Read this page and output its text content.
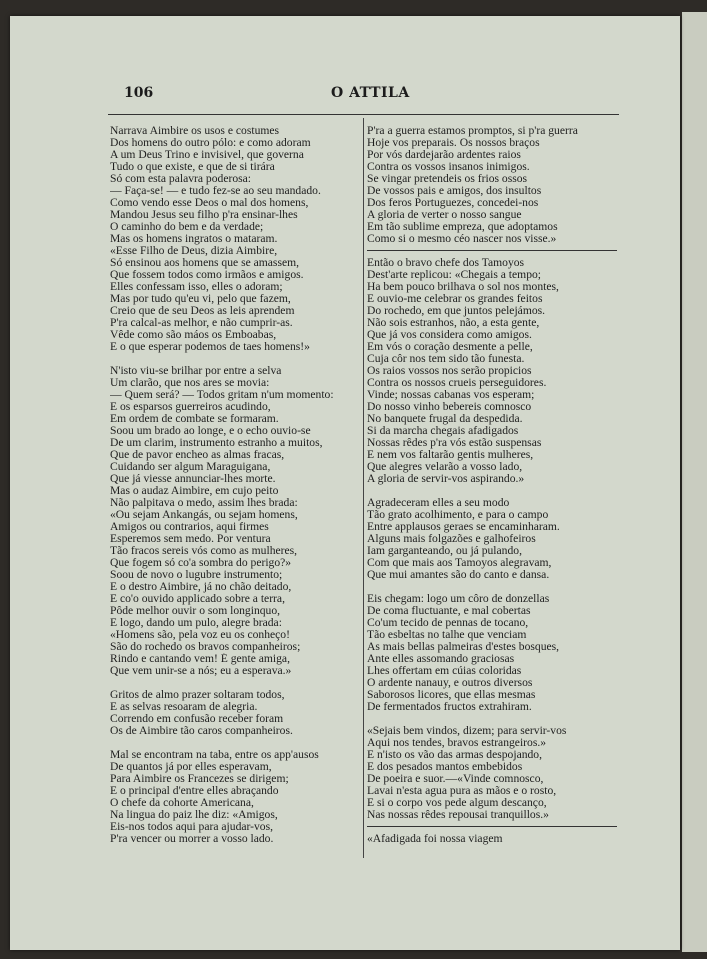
106	O ATTILA
Narrava Aimbire os usos e costumes
Dos homens do outro pólo: e como adoram
A um Deus Trino e invisivel, que governa
Tudo o que existe, e que de si tirára
Só com esta palavra poderosa:
— Faça-se! — e tudo fez-se ao seu mandado.
Como vendo esse Deos o mal dos homens,
Mandou Jesus seu filho p'ra ensinar-lhes
O caminho do bem e da verdade;
Mas os homens ingratos o mataram.
«Esse Filho de Deus, dizia Aimbire,
Só ensinou aos homens que se amassem,
Que fossem todos como irmãos e amigos.
Elles confessam isso, elles o adoram;
Mas por tudo qu'eu vi, pelo que fazem,
Creio que de seu Deos as leis aprendem
P'ra calcal-as melhor, e não cumprir-as.
Vêde como são máos os Emboabas,
E o que esperar podemos de taes homens!»
N'isto viu-se brilhar por entre a selva
Um clarão, que nos ares se movia:
— Quem será? — Todos gritam n'um momento:
E os esparsos guerreiros acudindo,
Em ordem de combate se formaram.
Soou um brado ao longe, e o echo ouvio-se
De um clarim, instrumento estranho a muitos,
Que de pavor encheo as almas fracas,
Cuidando ser algum Maraguigana,
Que já viesse annunciar-lhes morte.
Mas o audaz Aimbire, em cujo peito
Não palpitava o medo, assim lhes brada:
«Ou sejam Ankangás, ou sejam homens,
Amigos ou contrarios, aqui firmes
Esperemos sem medo. Por ventura
Tão fracos sereis vós como as mulheres,
Que fogem só co'a sombra do perigo?»
Soou de novo o lugubre instrumento;
E o destro Aimbire, já no chão deitado,
E co'o ouvido applicado sobre a terra,
Pôde melhor ouvir o som longinquo,
E logo, dando um pulo, alegre brada:
«Homens são, pela voz eu os conheço!
São do rochedo os bravos companheiros;
Rindo e cantando vem! É gente amiga,
Que vem unir-se a nós; eu a esperava.»
Gritos de almo prazer soltaram todos,
E as selvas resoaram de alegria.
Correndo em confusão receber foram
Os de Aimbire tão caros companheiros.
Mal se encontram na taba, entre os app'ausos
De quantos já por elles esperavam,
Para Aimbire os Francezes se dirigem;
E o principal d'entre elles abraçando
O chefe da cohorte Americana,
Na lingua do paiz lhe diz: «Amigos,
Eis-nos todos aqui para ajudar-vos,
P'ra vencer ou morrer a vosso lado.
P'ra a guerra estamos promptos, si p'ra guerra
Hoje vos preparais. Os nossos braços
Por vós dardejarão ardentes raios
Contra os vossos insanos inimigos.
Se vingar pretendeis os frios ossos
De vossos pais e amigos, dos insultos
Dos feros Portuguezes, concedei-nos
A gloria de verter o nosso sangue
Em tão sublime empreza, que adoptamos
Como si o mesmo céo nascer nos visse.»
Então o bravo chefe dos Tamoyos
Dest'arte replicou: «Chegais a tempo;
Ha bem pouco brilhava o sol nos montes,
E ouvio-me celebrar os grandes feitos
Do rochedo, em que juntos pelejámos.
Não sois estranhos, não, a esta gente,
Que já vos considera como amigos.
Em vós o coração desmente a pelle,
Cuja côr nos tem sido tão funesta.
Os raios vossos nos serão propicios
Contra os nossos crueis perseguidores.
Vinde; nossas cabanas vos esperam;
Do nosso vinho bebereis comnosco
No banquete frugal da despedida.
Si da marcha chegais afadigados
Nossas rêdes p'ra vós estão suspensas
E nem vos faltarão gentis mulheres,
Que alegres velarão a vosso lado,
A gloria de servir-vos aspirando.»
Agradeceram elles a seu modo
Tão grato acolhimento, e para o campo
Entre applausos geraes se encaminharam.
Alguns mais folgazões e galhofeiros
Iam garganteando, ou já pulando,
Com que mais aos Tamoyos alegravam,
Que mui amantes são do canto e dansa.
Eis chegam: logo um côro de donzellas
De coma fluctuante, e mal cobertas
Co'um tecido de pennas de tocano,
Tão esbeltas no talhe que venciam
As mais bellas palmeiras d'estes bosques,
Ante elles assomando graciosas
Lhes offertam em cúias coloridas
O ardente nanauy, e outros diversos
Saborosos licores, que ellas mesmas
De fermentados fructos extrahiram.
«Sejais bem vindos, dizem; para servir-vos
Aqui nos tendes, bravos estrangeiros.»
E n'isto os vão das armas despojando,
E dos pesados mantos embebidos
De poeira e suor.—«Vinde comnosco,
Lavai n'esta agua pura as mãos e o rosto,
E si o corpo vos pede algum descanço,
Nas nossas rêdes repousai tranquillos.»
«Afadigada foi nossa viagem
